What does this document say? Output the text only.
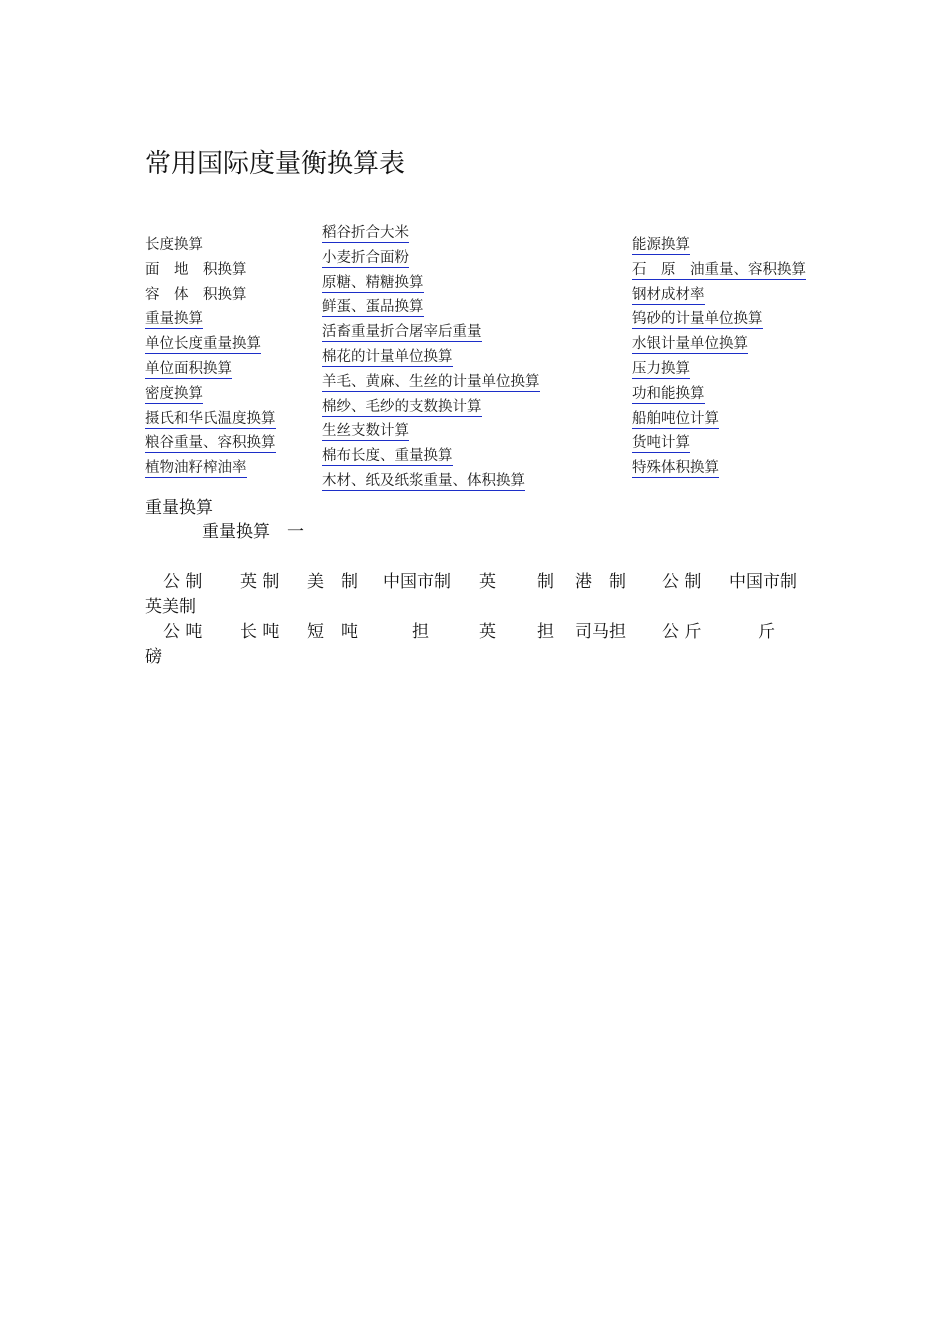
常用国际度量衡换算表
长度换算
面　地　积换算
容　体　积换算
重量换算
单位长度重量换算
单位面积换算
密度换算
摄氏和华氏温度换算
粮谷重量、容积换算
植物油籽榨油率
稻谷折合大米
小麦折合面粉
原糖、精糖换算
鲜蛋、蛋品换算
活畜重量折合屠宰后重量
棉花的计量单位换算
羊毛、黄麻、生丝的计量单位换算
棉纱、毛纱的支数换计算
生丝支数计算
棉布长度、重量换算
木材、纸及纸浆重量、体积换算
能源换算
石　原　油重量、容积换算
钢材成材率
钨砂的计量单位换算
水银计量单位换算
压力换算
功和能换算
船舶吨位计算
货吨计算
特殊体积换算
重量换算
重量换算　一
公 制 英 制 美　制 中国市制 英 制 港　制 公 制 中国市制
英美制
公 吨 长 吨 短　吨	担	英 担 司马担 公 斤	斤
磅
